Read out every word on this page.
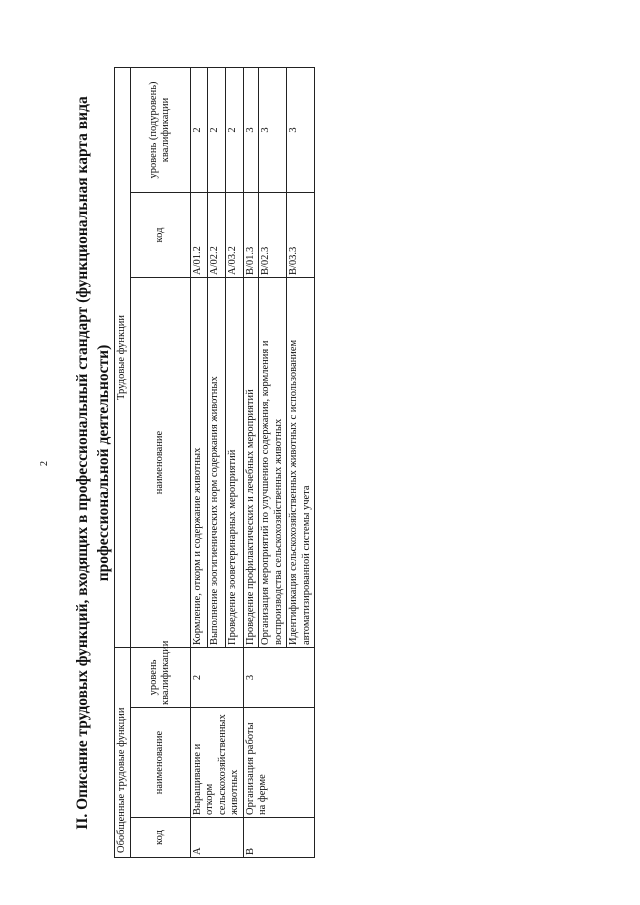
2 II. Описание трудовых функций, входящих в профессиональный стандарт (функциональная карта вида профессиональной деятельности)
Обобщенные трудовые функции			Трудовые функции		
код	наименование	уровень квалификации	наименование	код	уровень (подуровень) квалификации
А	Выращивание и откорм сельскохозяйственных животных	2	Кормление, откорм и содержание животных	А/01.2	2
			Выполнение зоогигиенических норм содержания животных	А/02.2	2
			Проведение зооветеринарных мероприятий	А/03.2	2
В	Организация работы на ферме	3	Проведение профилактических и лечебных мероприятий	В/01.3	3
			Организация мероприятий по улучшению содержания, кормления и воспроизводства сельскохозяйственных животных	В/02.3	3
			Идентификация сельскохозяйственных животных с использованием автоматизированной системы учета	В/03.3	3
